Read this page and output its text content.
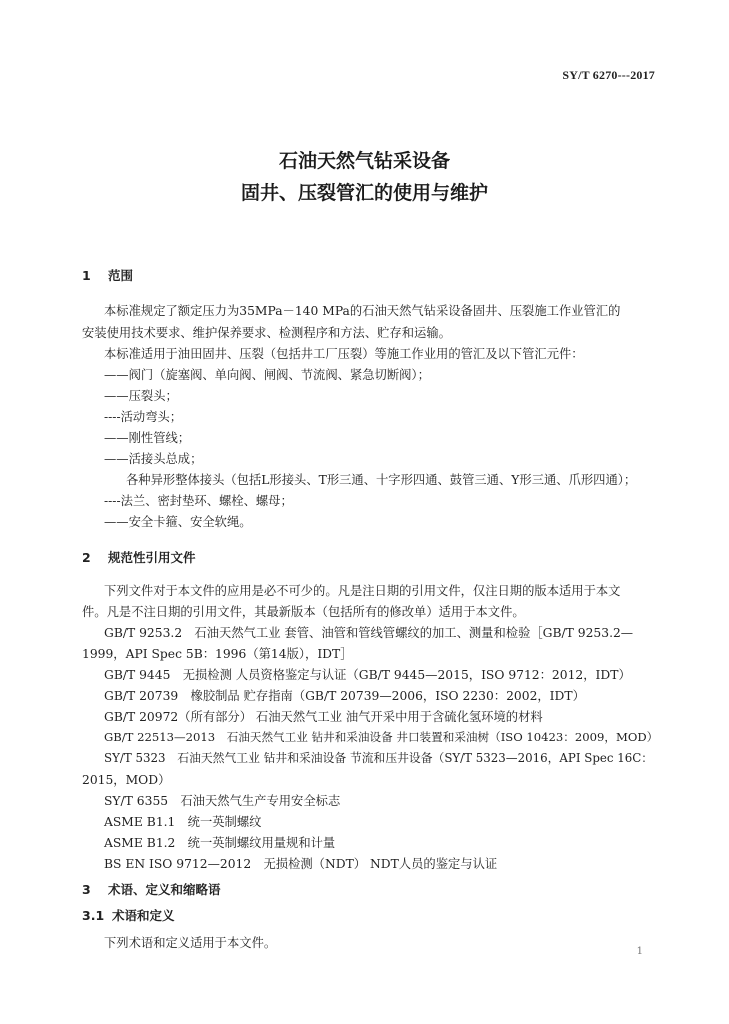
SY/T 6270---2017
石油天然气钻采设备
固井、压裂管汇的使用与维护
1 范围
本标准规定了额定压力为35MPa－140 MPa的石油天然气钻采设备固井、压裂施工作业管汇的
安装使用技术要求、维护保养要求、检测程序和方法、贮存和运输。
本标准适用于油田固井、压裂（包括井工厂压裂）等施工作业用的管汇及以下管汇元件：
——阀门（旋塞阀、单向阀、闸阀、节流阀、紧急切断阀）；
——压裂头；
----活动弯头；
——刚性管线；
——活接头总成；
各种异形整体接头（包括L形接头、T形三通、十字形四通、鼓管三通、Y形三通、爪形四通）；
----法兰、密封垫环、螺栓、螺母；
——安全卡箍、安全软绳。
2 规范性引用文件
下列文件对于本文件的应用是必不可少的。凡是注日期的引用文件，仅注日期的版本适用于本文
件。凡是不注日期的引用文件，其最新版本（包括所有的修改单）适用于本文件。
GB/T 9253.2　石油天然气工业 套管、油管和管线管螺纹的加工、测量和检验［GB/T 9253.2—
1999，API Spec 5B：1996（第14版），IDT］
GB/T 9445　无损检测 人员资格鉴定与认证（GB/T 9445—2015，ISO 9712：2012，IDT）
GB/T 20739　橡胶制品 贮存指南（GB/T 20739—2006，ISO 2230：2002，IDT）
GB/T 20972（所有部分） 石油天然气工业 油气开采中用于含硫化氢环境的材料
GB/T 22513—2013　石油天然气工业 钻井和采油设备 井口装置和采油树（ISO 10423：2009，MOD）
SY/T 5323　石油天然气工业 钻井和采油设备 节流和压井设备（SY/T 5323—2016，API Spec 16C：
2015，MOD）
SY/T 6355　石油天然气生产专用安全标志
ASME B1.1　统一英制螺纹
ASME B1.2　统一英制螺纹用量规和计量
BS EN ISO 9712—2012　无损检测（NDT） NDT人员的鉴定与认证
3 术语、定义和缩略语
3.1 术语和定义
下列术语和定义适用于本文件。
1
